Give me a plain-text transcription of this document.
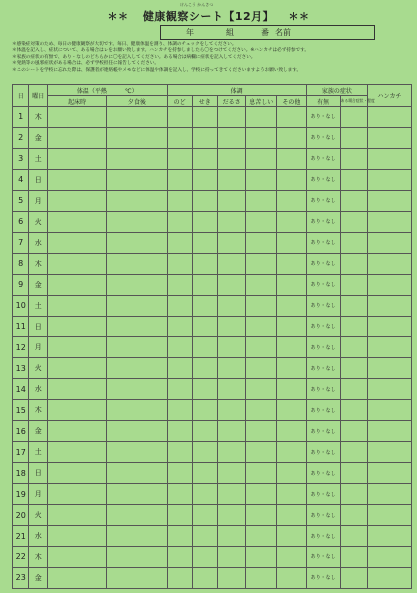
＊＊ 健康観察シート【12月】 ＊＊
けんこう かんさつ
年	組	番 名前
＊感染症対策のため、毎日の健康観察が大切です。毎日、健康体温を測り、体調のチェックをしてください。
＊体温を記入し、症状について、ある場合はレをお願い致します。ハンカチを持参しましたら〇をつけてください。※ハンカチは必ず持参です。
＊家族の症状の有無で、あり・なしのどちらかに〇を記入してください。ある場合は病欄に症状を記入してください。
＊発熱等の風邪症状がある場合は、必ず学校担任に報告してください。
＊このシートを学校に忘れた際は、保護者が連絡帳やメモなどに体温や体調を記入し、学校に持ってきてくださいますようお願い致します。
日	曜日	体温（平熱　　　℃）		体調					家族の症状		ハンカチ
		起床時	夕食後	のど	せき	だるさ	息苦しい	その他	有無	ある場合症状・程度	
1	木								あり・なし		
2	金								あり・なし		
3	土								あり・なし		
4	日								あり・なし		
5	月								あり・なし		
6	火								あり・なし		
7	水								あり・なし		
8	木								あり・なし		
9	金								あり・なし		
10	土								あり・なし		
11	日								あり・なし		
12	月								あり・なし		
13	火								あり・なし		
14	水								あり・なし		
15	木								あり・なし		
16	金								あり・なし		
17	土								あり・なし		
18	日								あり・なし		
19	月								あり・なし		
20	火								あり・なし		
21	水								あり・なし		
22	木								あり・なし		
23	金								あり・なし		
